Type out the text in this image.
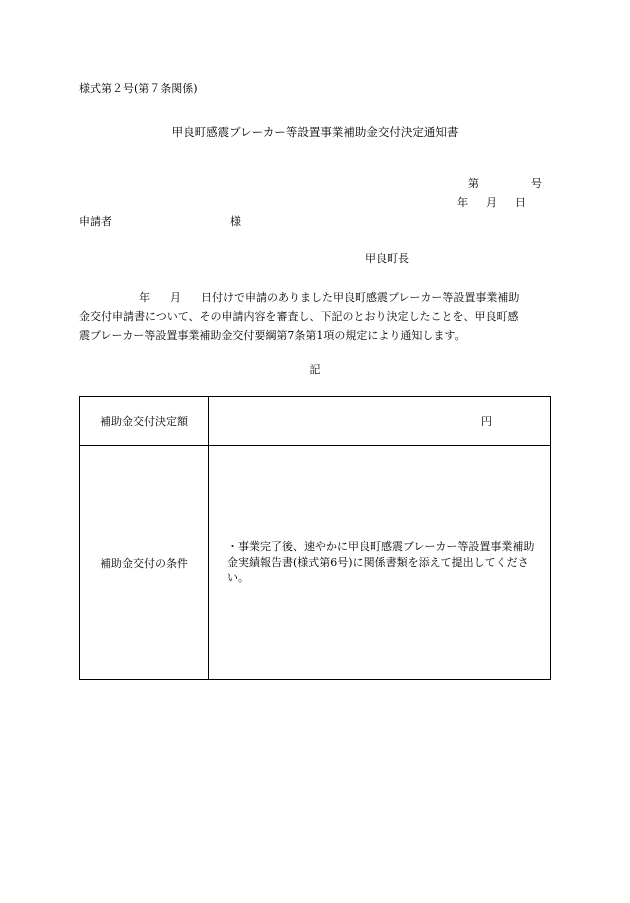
様式第２号(第７条関係)
甲良町感震ブレーカー等設置事業補助金交付決定通知書
第	号
年 月 日
申請者	様
甲良町長
年 月 日付けで申請のありました甲良町感震ブレーカー等設置事業補助
金交付申請書について、その申請内容を審査し、下記のとおり決定したことを、甲良町感
震ブレーカー等設置事業補助金交付要綱第7条第1項の規定により通知します。
記
補助金交付決定額	円
補助金交付の条件	・事業完了後、速やかに甲良町感震ブレーカー等設置事業補助
金実績報告書(様式第6号)に関係書類を添えて提出してくださ
い。
